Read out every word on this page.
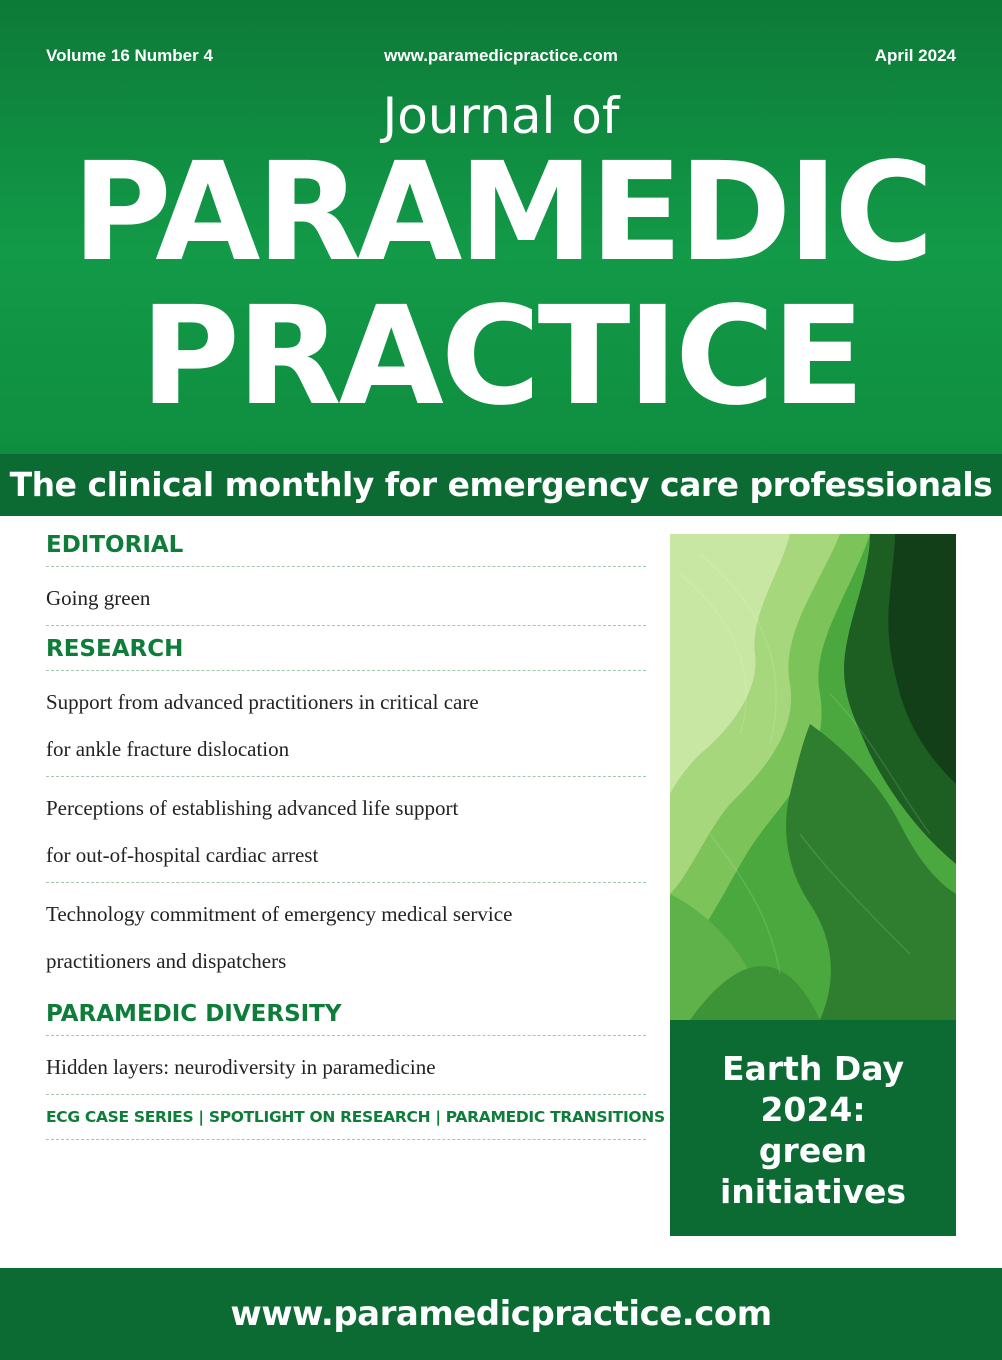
Volume 16 Number 4	www.paramedicpractice.com	April 2024
Journal of
PARAMEDIC
PRACTICE
The clinical monthly for emergency care professionals
EDITORIAL
Going green
RESEARCH
Support from advanced practitioners in critical care
for ankle fracture dislocation
Perceptions of establishing advanced life support
for out-of-hospital cardiac arrest
Technology commitment of emergency medical service
practitioners and dispatchers
PARAMEDIC DIVERSITY
Hidden layers: neurodiversity in paramedicine
ECG CASE SERIES | SPOTLIGHT ON RESEARCH | PARAMEDIC TRANSITIONS
Earth Day
2024:
green
initiatives
www.paramedicpractice.com
